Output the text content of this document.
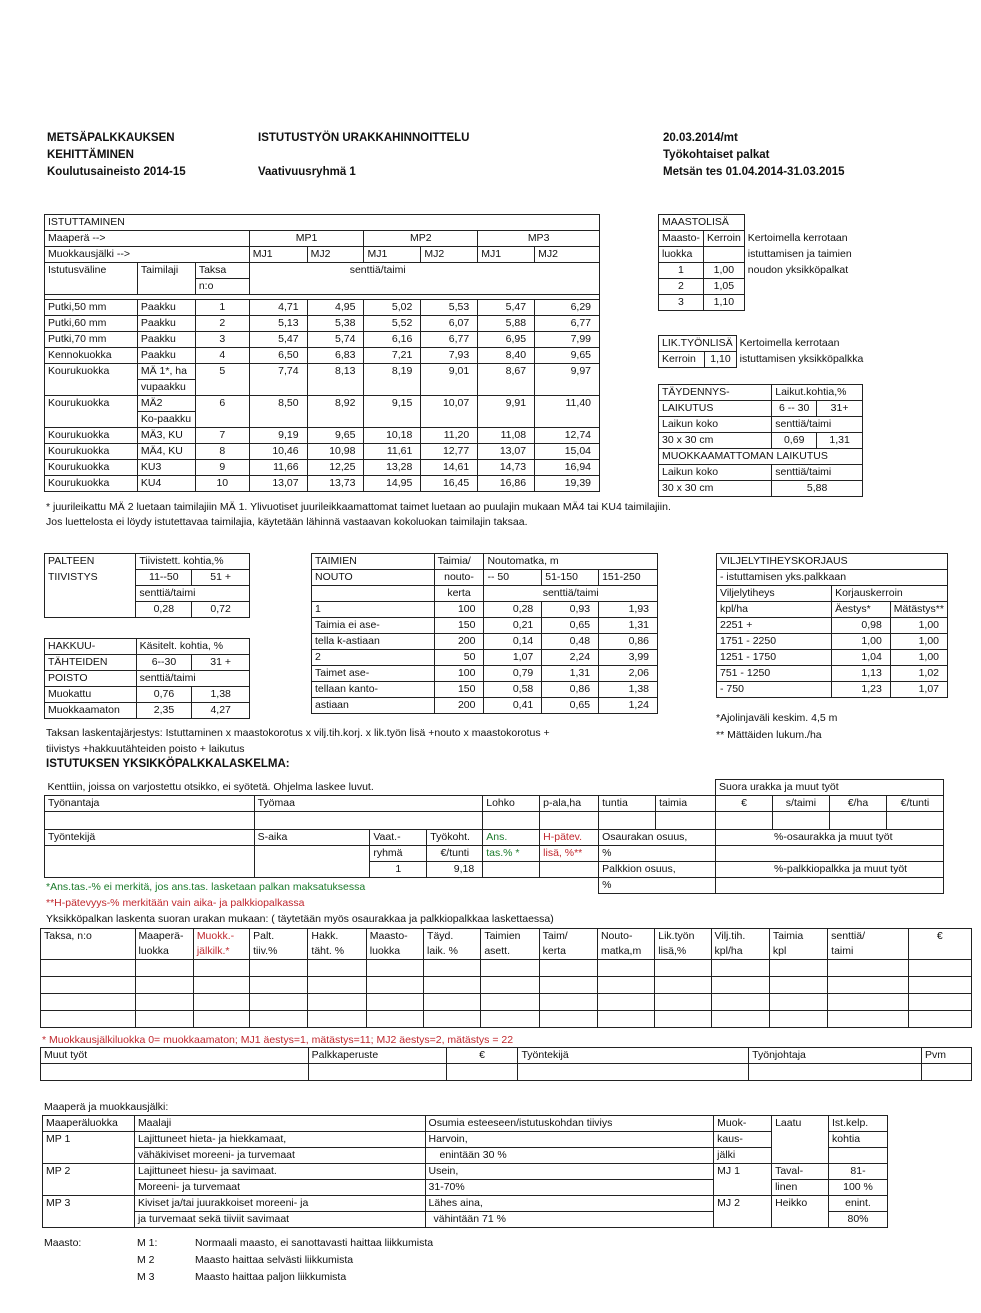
METSÄPALKKAUKSEN
KEHITTÄMINEN
Koulutusaineisto 2014-15
ISTUTUSTYÖN URAKKAHINNOITTELU
Vaativuusryhmä 1
20.03.2014/mt
Työkohtaiset palkat
Metsän tes 01.04.2014-31.03.2015
ISTUTTAMINEN								
Maaperä -->			MP1		MP2		MP3	
Muokkausjälki -->			MJ1	MJ2	MJ1	MJ2	MJ1	MJ2
Istutusväline	Taimilaji	Taksa	senttiä/taimi					
		n:o						

Putki,50 mm	Paakku	1	4,71	4,95	5,02	5,53	5,47	6,29
Putki,60 mm	Paakku	2	5,13	5,38	5,52	6,07	5,88	6,77
Putki,70 mm	Paakku	3	5,47	5,74	6,16	6,77	6,95	7,99
Kennokuokka	Paakku	4	6,50	6,83	7,21	7,93	8,40	9,65
Kourukuokka	MÄ 1*, ha	5	7,74	8,13	8,19	9,01	8,67	9,97
	vupaakku							
Kourukuokka	MÄ2	6	8,50	8,92	9,15	10,07	9,91	11,40
	Ko-paakku							
Kourukuokka	MÄ3, KU	7	9,19	9,65	10,18	11,20	11,08	12,74
Kourukuokka	MÄ4, KU	8	10,46	10,98	11,61	12,77	13,07	15,04
Kourukuokka	KU3	9	11,66	12,25	13,28	14,61	14,73	16,94
Kourukuokka	KU4	10	13,07	13,73	14,95	16,45	16,86	19,39
* juurileikattu MÄ 2 luetaan taimilajiin MÄ 1. Ylivuotiset juurileikkaamattomat taimet luetaan ao puulajin mukaan MÄ4 tai KU4 taimilajiin.
Jos luettelosta ei löydy istutettavaa taimilajia, käytetään lähinnä vastaavan kokoluokan taimilajin taksaa.
MAASTOLISÄ		
Maasto-	Kerroin	Kertoimella kerrotaan
luokka		istuttamisen ja taimien
1	1,00	noudon yksikköpalkat
2	1,05	
3	1,10	
LIK.TYÖNLISÄ		Kertoimella kerrotaan
Kerroin	1,10	istuttamisen yksikköpalkka
TÄYDENNYS-	Laikut.kohtia,%	
LAIKUTUS	6 -- 30	31+
Laikun koko	senttiä/taimi	
30 x 30 cm	0,69	1,31
MUOKKAAMATTOMAN LAIKUTUS		
Laikun koko	senttiä/taimi	
30 x 30 cm	5,88	
PALTEEN	Tiivistett. kohtia,%	
TIIVISTYS	11--50	51 +
	senttiä/taimi	
	0,28	0,72
HAKKUU-	Käsitelt. kohtia, %	
TÄHTEIDEN	6--30	31 +
POISTO	senttiä/taimi	
Muokattu	0,76	1,38
Muokkaamaton	2,35	4,27
TAIMIEN	Taimia/	Noutomatka, m		
NOUTO	nouto-	-- 50	51-150	151-250
	kerta	senttiä/taimi		
1	100	0,28	0,93	1,93
Taimia ei ase-	150	0,21	0,65	1,31
tella k-astiaan	200	0,14	0,48	0,86
2	50	1,07	2,24	3,99
Taimet ase-	100	0,79	1,31	2,06
tellaan kanto-	150	0,58	0,86	1,38
astiaan	200	0,41	0,65	1,24
VILJELYTIHEYSKORJAUS		
- istuttamisen yks.palkkaan		
Viljelytiheys	Korjauskerroin	
kpl/ha	Äestys*	Mätästys**
2251 +	0,98	1,00
1751 - 2250	1,00	1,00
1251 - 1750	1,04	1,00
751 - 1250	1,13	1,02
- 750	1,23	1,07
*Ajolinjaväli keskim. 4,5 m
** Mättäiden lukum./ha
Taksan laskentajärjestys: Istuttaminen x maastokorotus x vilj.tih.korj. x lik.työn lisä +nouto x maastokorotus +
tiivistys +hakkuutähteiden poisto + laikutus
ISTUTUKSEN YKSIKKÖPALKKALASKELMA:
Kenttiin, joissa on varjostettu otsikko, ei syötetä. Ohjelma laskee luvut.								Suora urakka ja muut työt			
Työnantaja	Työmaa			Lohko	p-ala,ha	tuntia	taimia	€	s/taimi	€/ha	€/tunti

Työntekijä	S-aika	Vaat.-	Työkoht.	Ans.	H-pätev.	Osaurakan osuus,		%-osaurakka ja muut työt			
		ryhmä	€/tunti	tas.% *	lisä, %**	%					
		1	9,18			Palkkion osuus,		%-palkkiopalkka ja muut työt			
						%					
*Ans.tas.-% ei merkitä, jos ans.tas. lasketaan palkan maksatuksessa
**H-pätevyys-% merkitään vain aika- ja palkkiopalkassa
Yksikköpalkan laskenta suoran urakan mukaan: ( täytetään myös osaurakkaa ja palkkiopalkkaa laskettaessa)
Taksa, n:o	Maaperä-	Muokk.-	Palt.	Hakk.	Maasto-	Täyd.	Taimien	Taim/	Nouto-	Lik.työn	Vilj.tih.	Taimia	senttiä/	€
	luokka	jälkilk.*	tiiv.%	täht. %	luokka	laik. %	asett.	kerta	matka,m	lisä,%	kpl/ha	kpl	taimi	

* Muokkausjälkiluokka 0= muokkaamaton; MJ1 äestys=1, mätästys=11; MJ2 äestys=2, mätästys = 22
Muut työt	Palkkaperuste	€	Työntekijä	Työnjohtaja	Pvm

Maaperä ja muokkausjälki:
Maaperäluokka	Maalaji	Osumia esteeseen/istutuskohdan tiiviys	Muok-	Laatu	Ist.kelp.
MP 1	Lajittuneet hieta- ja hiekkamaat,	Harvoin,	kaus-		kohtia
	vähäkiviset moreeni- ja turvemaat	enintään 30 %	jälki		
MP 2	Lajittuneet hiesu- ja savimaat.	Usein,	MJ 1	Taval-	81-
	Moreeni- ja turvemaat	31-70%		linen	100 %
MP 3	Kiviset ja/tai juurakkoiset moreeni- ja	Lähes aina,	MJ 2	Heikko	enint.
	ja turvemaat sekä tiiviit savimaat	vähintään 71 %			80%
Maasto:	M 1:	Normaali maasto, ei sanottavasti haittaa liikkumista
M 2	Maasto haittaa selvästi liikkumista
M 3	Maasto haittaa paljon liikkumista
